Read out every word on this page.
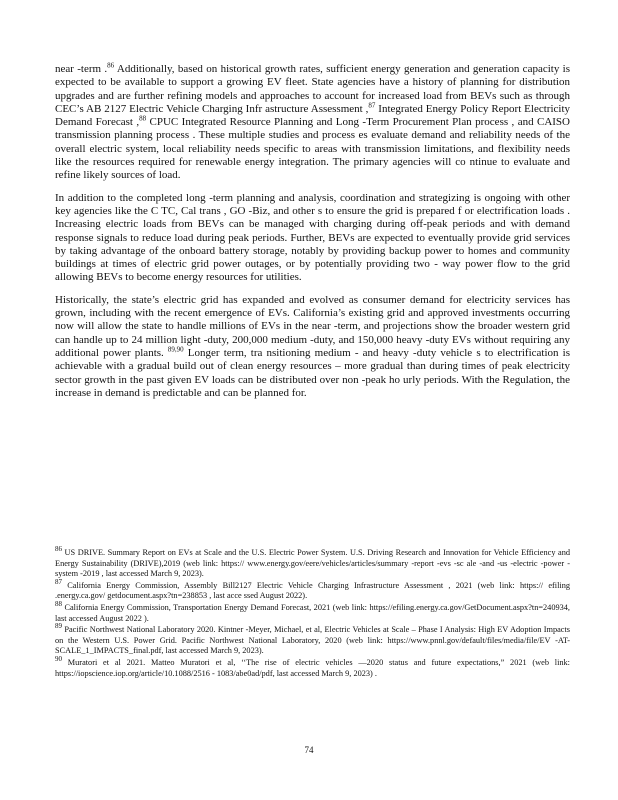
near -term .$^{86}$ Additionally, based on historical growth rates, sufficient energy generation and generation capacity is expected to be available to support a growing EV fleet. State agencies have a history of planning for distribution upgrades and are further refining models and approaches to account for increased load from BEVs such as through CEC’s AB 2127 Electric Vehicle Charging Infr astructure Assessment ,$^{87}$ Integrated Energy Policy Report Electricity Demand Forecast ,$^{88}$ CPUC Integrated Resource Planning and Long -Term Procurement Plan process , and CAISO transmission planning process . These multiple studies and process es evaluate demand and reliability needs of the overall electric system, local reliability needs specific to areas with transmission limitations, and flexibility needs like the resources required for renewable energy integration. The primary agencies will co ntinue to evaluate and refine likely sources of load.

In addition to the completed long -term planning and analysis, coordination and strategizing is ongoing with other key agencies like the C TC, Cal trans , GO -Biz, and other s to ensure the grid is prepared f or electrification loads . Increasing electric loads from BEVs can be managed with charging during off-peak periods and with demand response signals to reduce load during peak periods. Further, BEVs are expected to eventually provide grid services by taking advantage of the onboard battery storage, notably by providing backup power to homes and community buildings at times of electric grid power outages, or by potentially providing two - way power flow to the grid allowing BEVs to become energy resources for utilities.

Historically, the state’s electric grid has expanded and evolved as consumer demand for electricity services has grown, including with the recent emergence of EVs. California’s existing grid and approved investments occurring now will allow the state to handle millions of EVs in the near -term, and projections show the broader western grid can handle up to 24 million light -duty, 200,000 medium -duty, and 150,000 heavy -duty EVs without requiring any additional power plants. $^{89,90}$ Longer term, tra nsitioning medium - and heavy -duty vehicle s to electrification is achievable with a gradual build out of clean energy resources – more gradual than during times of peak electricity sector growth in the past given EV loads can be distributed over non -peak ho urly periods. With the Regulation, the increase in demand is predictable and can be planned for.

$^{86}$ US DRIVE. Summary Report on EVs at Scale and the U.S. Electric Power System. U.S. Driving Research and Innovation for Vehicle Efficiency and Energy Sustainability (DRIVE),2019 (web link: https:// www.energy.gov/eere/vehicles/articles/summary -report -evs -sc ale -and -us -electric -power -system -2019 , last accessed March 9, 2023).
$^{87}$ California Energy Commission, Assembly Bill2127 Electric Vehicle Charging Infrastructure Assessment , 2021 (web link: https:// efiling .energy.ca.gov/ getdocument.aspx?tn=238853 , last acce ssed August 2022).
$^{88}$ California Energy Commission, Transportation Energy Demand Forecast, 2021 (web link: https://efiling.energy.ca.gov/GetDocument.aspx?tn=240934, last accessed August 2022 ).
$^{89}$ Pacific Northwest National Laboratory 2020. Kintner -Meyer, Michael, et al, Electric Vehicles at Scale – Phase I Analysis: High EV Adoption Impacts on the Western U.S. Power Grid. Pacific Northwest National Laboratory, 2020 (web link: https://www.pnnl.gov/default/files/media/file/EV -AT-SCALE_1_IMPACTS_final.pdf, last accessed March 9, 2023).
$^{90}$ Muratori et al 2021. Matteo Muratori et al, ‘‘The rise of electric vehicles —2020 status and future expectations,” 2021 (web link: https://iopscience.iop.org/article/10.1088/2516 - 1083/abe0ad/pdf, last accessed March 9, 2023) .
74
